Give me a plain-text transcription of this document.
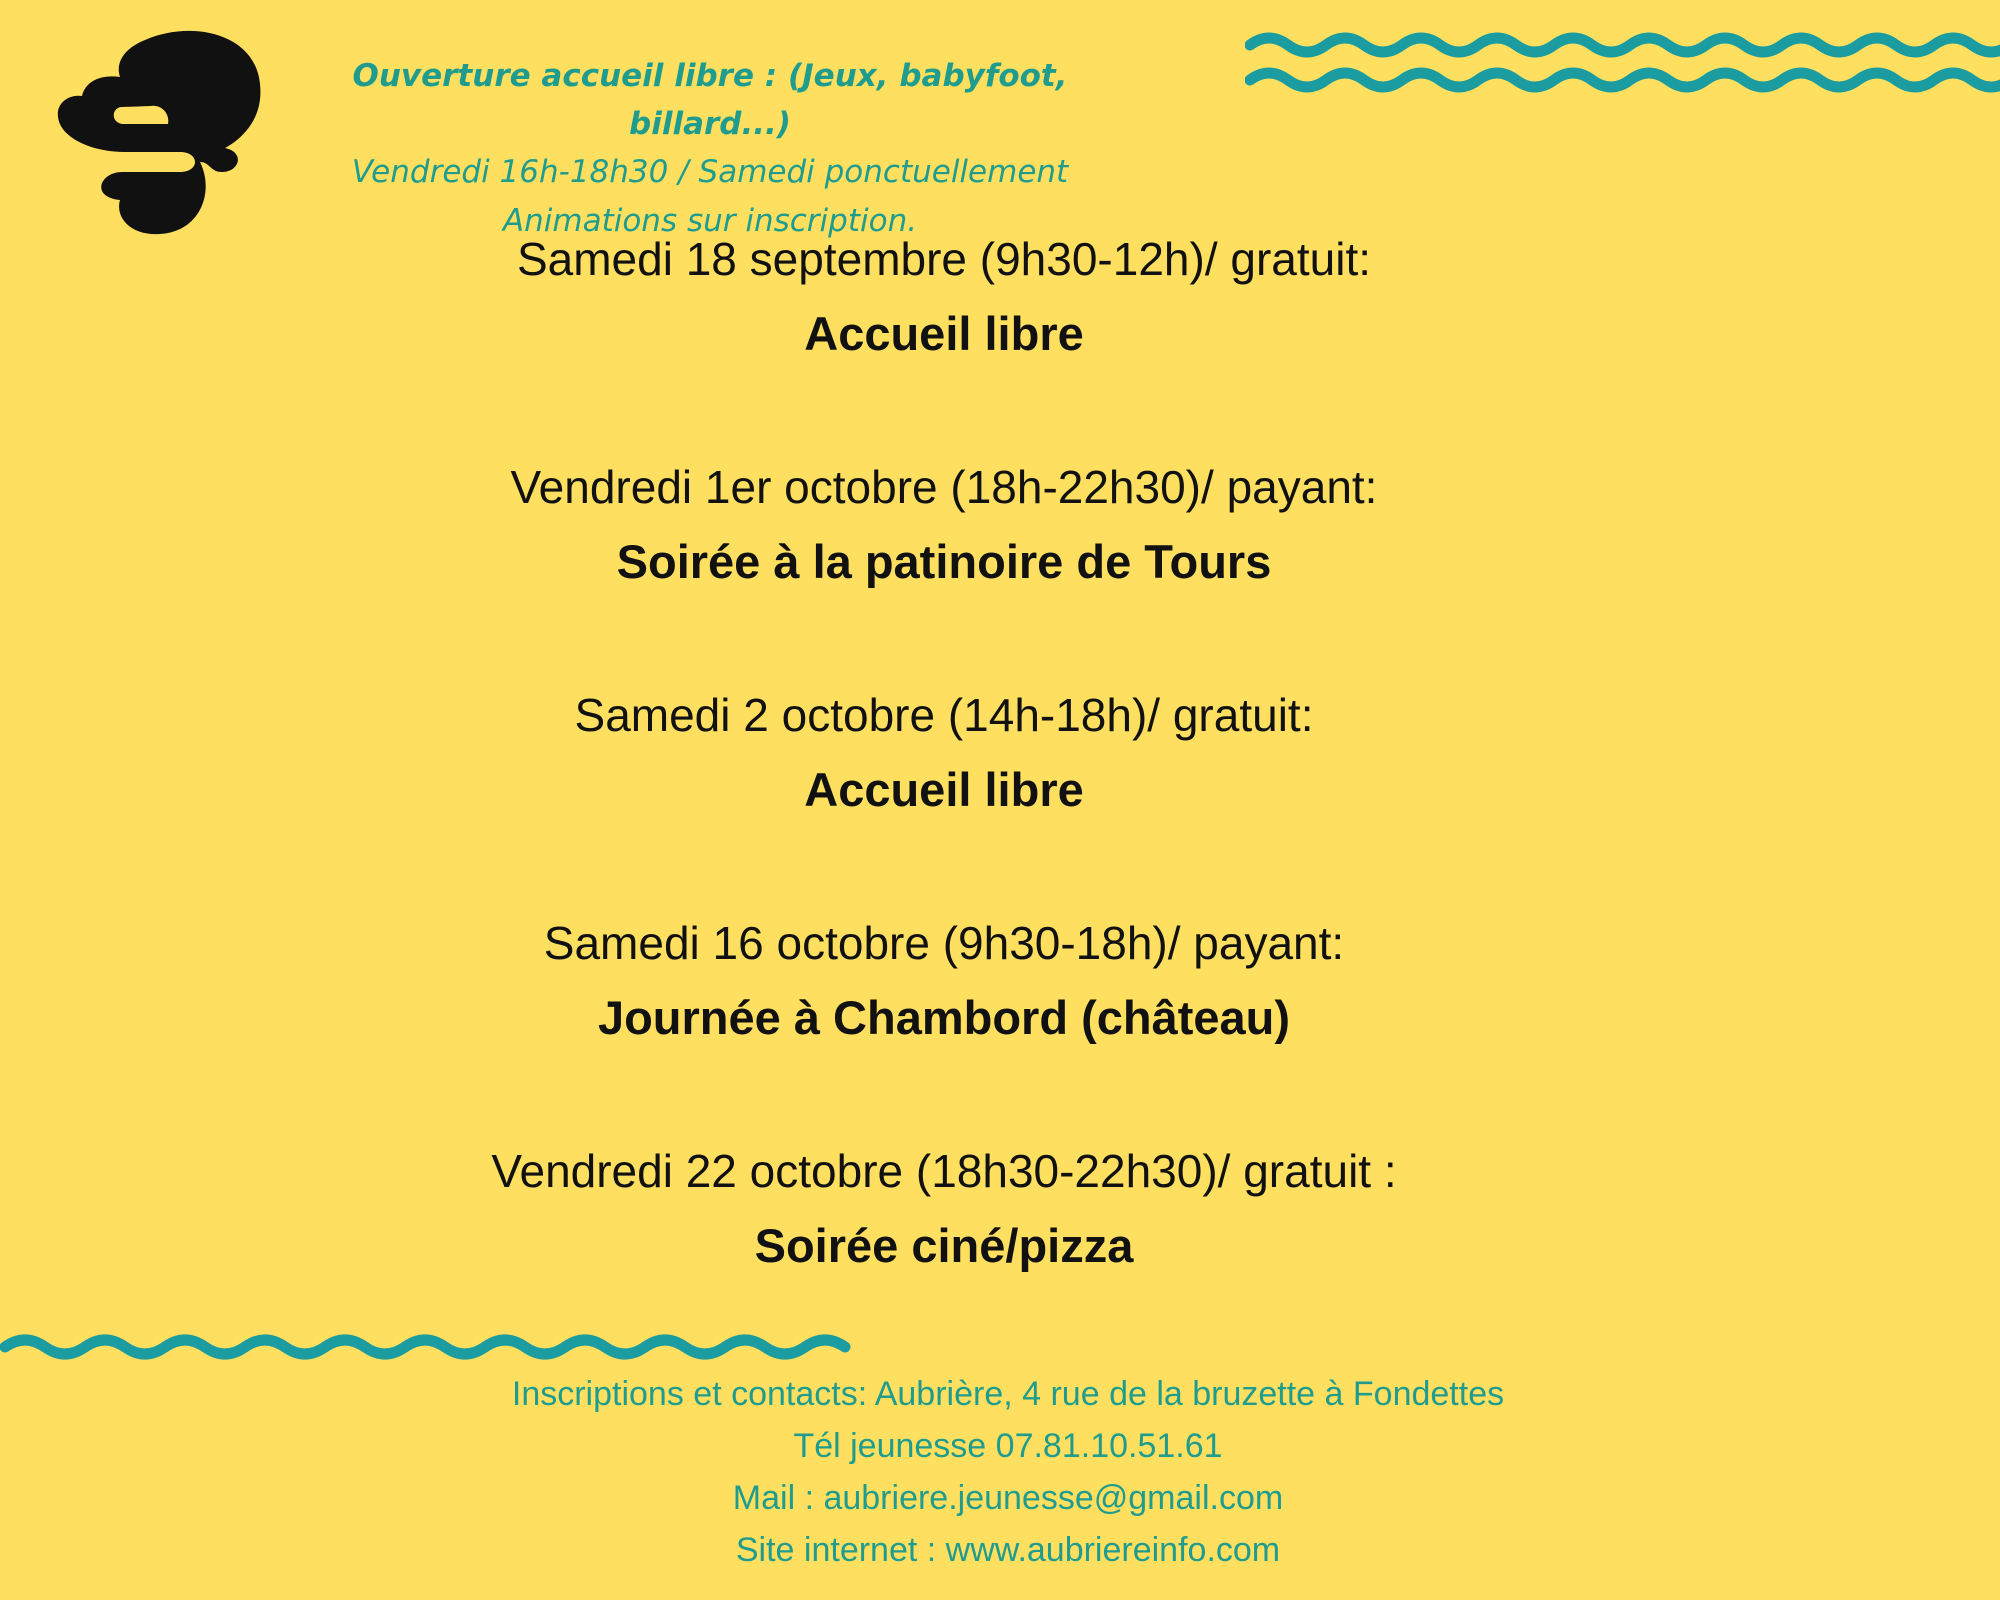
Ouverture accueil libre : (Jeux, babyfoot, billard...)
Vendredi 16h-18h30 / Samedi ponctuellement
Animations sur inscription.
Samedi 18 septembre (9h30-12h)/ gratuit:
Accueil libre
Vendredi 1er octobre (18h-22h30)/ payant:
Soirée à la patinoire de Tours
Samedi 2 octobre (14h-18h)/ gratuit:
Accueil libre
Samedi 16 octobre (9h30-18h)/ payant:
Journée à Chambord (château)
Vendredi 22 octobre (18h30-22h30)/ gratuit :
Soirée ciné/pizza
Inscriptions et contacts: Aubrière, 4 rue de la bruzette à Fondettes
Tél jeunesse 07.81.10.51.61
Mail : aubriere.jeunesse@gmail.com
Site internet : www.aubriereinfo.com
